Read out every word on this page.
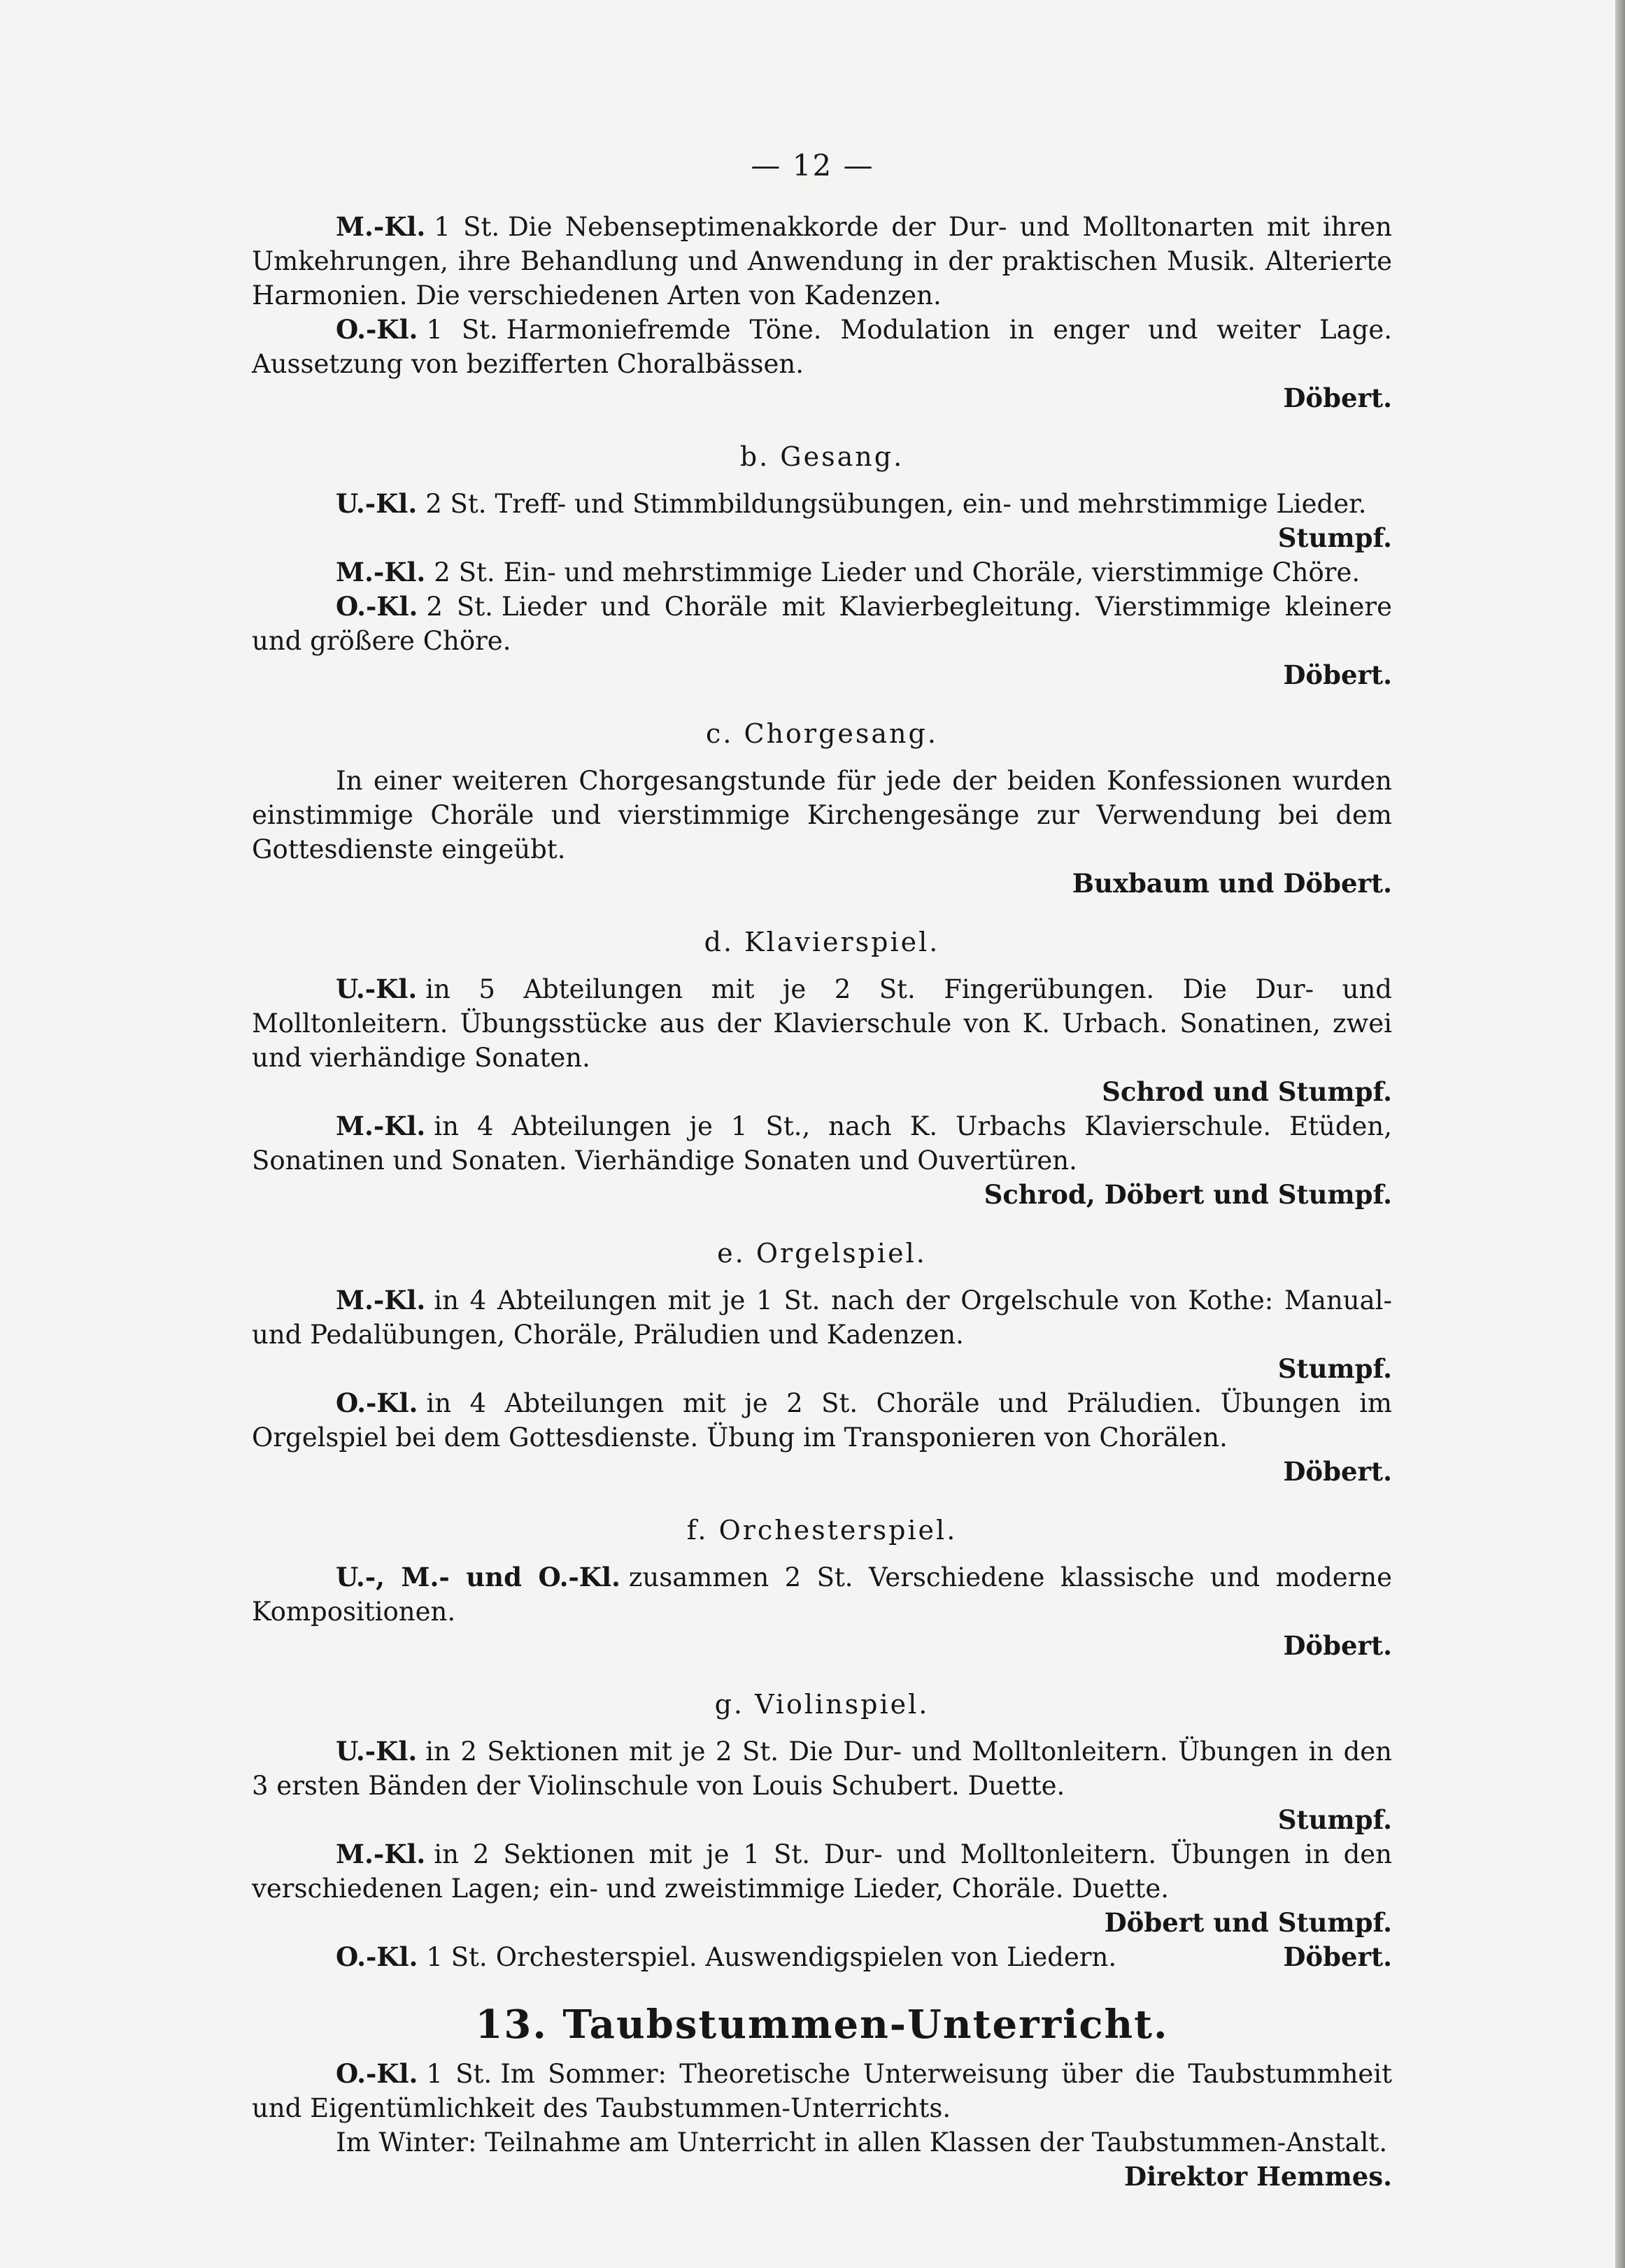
— 12 —

M.-Kl. 1 St. Die Nebenseptimenakkorde der Dur- und Molltonarten mit ihren Umkehrungen, ihre Behandlung und Anwendung in der praktischen Musik. Alterierte Harmonien. Die verschiedenen Arten von Kadenzen.

O.-Kl. 1 St. Harmoniefremde Töne. Modulation in enger und weiter Lage. Aussetzung von bezifferten Choralbässen.

Döbert.
b. Gesang.

U.-Kl. 2 St. Treff- und Stimmbildungsübungen, ein- und mehrstimmige Lieder.

Stumpf.

M.-Kl. 2 St. Ein- und mehrstimmige Lieder und Choräle, vierstimmige Chöre.

O.-Kl. 2 St. Lieder und Choräle mit Klavierbegleitung. Vierstimmige kleinere und größere Chöre.

Döbert.
c. Chorgesang.

In einer weiteren Chorgesangstunde für jede der beiden Konfessionen wurden einstimmige Choräle und vierstimmige Kirchengesänge zur Verwendung bei dem Gottesdienste eingeübt.

Buxbaum und Döbert.
d. Klavierspiel.

U.-Kl. in 5 Abteilungen mit je 2 St. Fingerübungen. Die Dur- und Molltonleitern. Übungsstücke aus der Klavierschule von K. Urbach. Sonatinen, zwei und vierhändige Sonaten.

Schrod und Stumpf.

M.-Kl. in 4 Abteilungen je 1 St., nach K. Urbachs Klavierschule. Etüden, Sonatinen und Sonaten. Vierhändige Sonaten und Ouvertüren.

Schrod, Döbert und Stumpf.
e. Orgelspiel.

M.-Kl. in 4 Abteilungen mit je 1 St. nach der Orgelschule von Kothe: Manual- und Pedalübungen, Choräle, Präludien und Kadenzen.

Stumpf.

O.-Kl. in 4 Abteilungen mit je 2 St. Choräle und Präludien. Übungen im Orgelspiel bei dem Gottesdienste. Übung im Transponieren von Chorälen.

Döbert.
f. Orchesterspiel.

U.-, M.- und O.-Kl. zusammen 2 St. Verschiedene klassische und moderne Kompositionen.

Döbert.
g. Violinspiel.

U.-Kl. in 2 Sektionen mit je 2 St. Die Dur- und Molltonleitern. Übungen in den 3 ersten Bänden der Violinschule von Louis Schubert. Duette.

Stumpf.

M.-Kl. in 2 Sektionen mit je 1 St. Dur- und Molltonleitern. Übungen in den verschiedenen Lagen; ein- und zweistimmige Lieder, Choräle. Duette.

Döbert und Stumpf.

Döbert.
O.-Kl. 1 St. Orchesterspiel. Auswendigspielen von Liedern.

13. Taubstummen-Unterricht.

O.-Kl. 1 St. Im Sommer: Theoretische Unterweisung über die Taubstummheit und Eigentümlichkeit des Taubstummen-Unterrichts.

Im Winter: Teilnahme am Unterricht in allen Klassen der Taubstummen-Anstalt.

Direktor Hemmes.
